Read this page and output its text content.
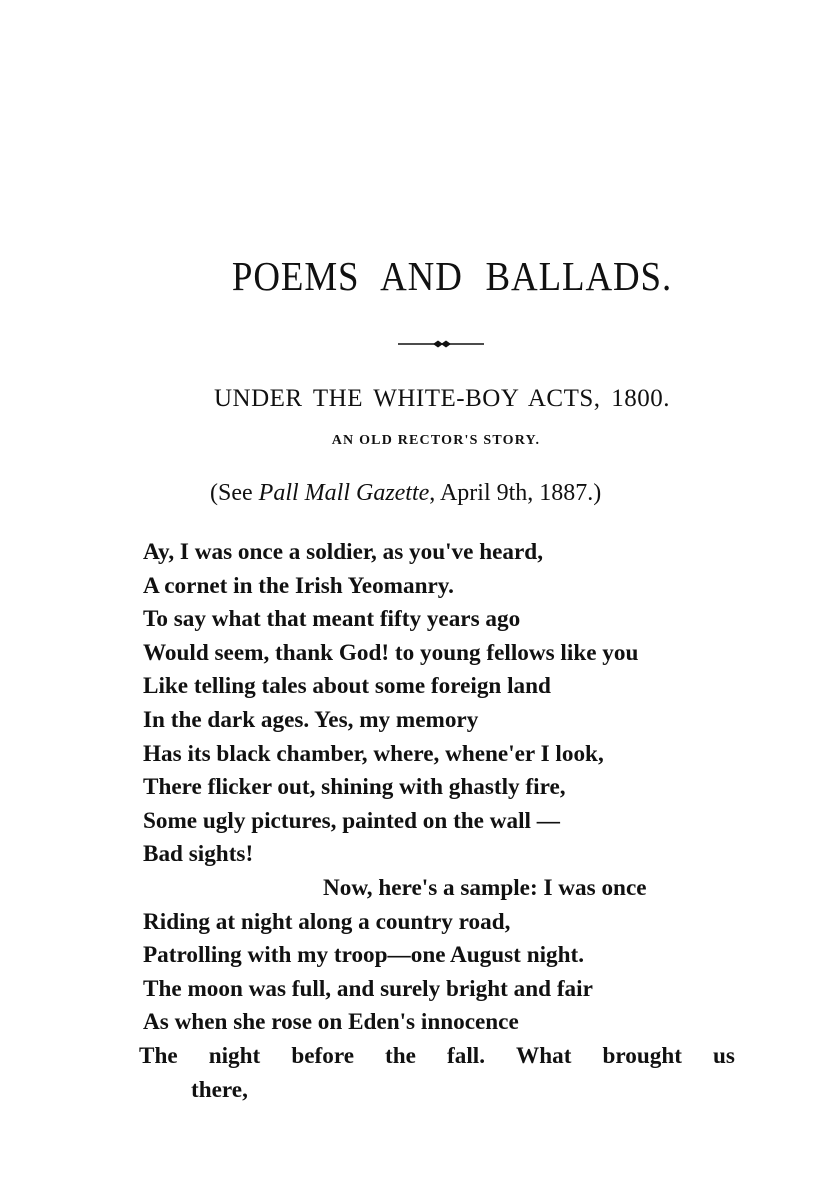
POEMS AND BALLADS.
UNDER THE WHITE-BOY ACTS, 1800.
AN OLD RECTOR'S STORY.
(See Pall Mall Gazette, April 9th, 1887.)
Ay, I was once a soldier, as you've heard,
A cornet in the Irish Yeomanry.
To say what that meant fifty years ago
Would seem, thank God! to young fellows like you
Like telling tales about some foreign land
In the dark ages. Yes, my memory
Has its black chamber, where, whene'er I look,
There flicker out, shining with ghastly fire,
Some ugly pictures, painted on the wall —
Bad sights!
Now, here's a sample: I was once
Riding at night along a country road,
Patrolling with my troop—one August night.
The moon was full, and surely bright and fair
As when she rose on Eden's innocence
The night before the fall. What brought us
there,
